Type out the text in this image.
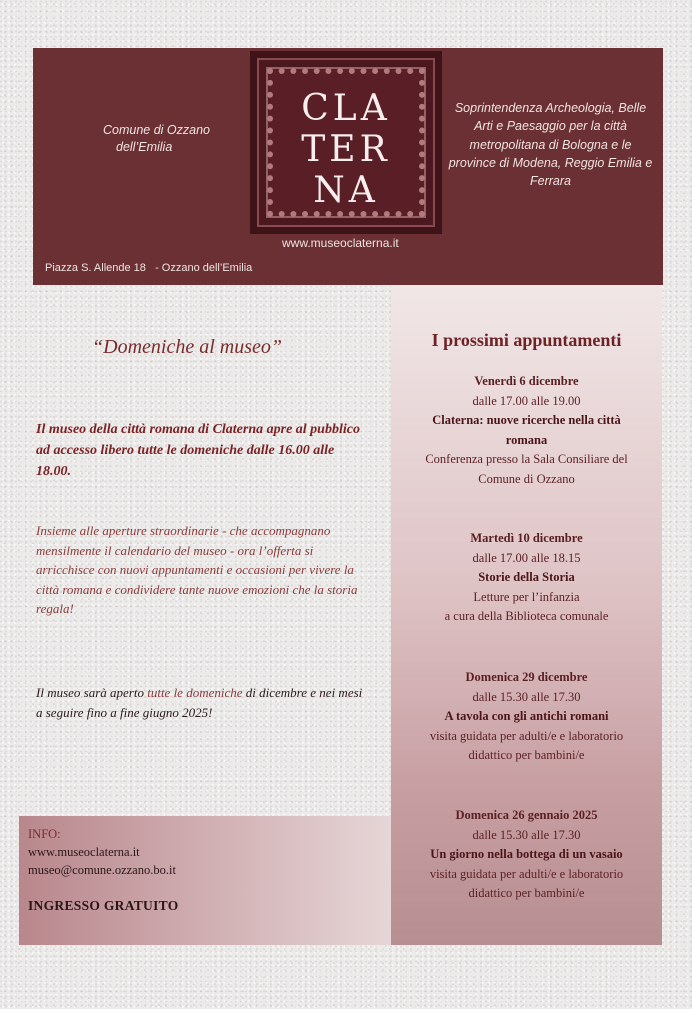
Comune di Ozzano
dell’Emilia
CLA
TER
NA
Soprintendenza Archeologia, Belle Arti e Paesaggio per la città metropolitana di Bologna e le province di Modena, Reggio Emilia e Ferrara
www.museoclaterna.it
Piazza S. Allende 18   - Ozzano dell’Emilia
“Domeniche al museo”
Il museo della città romana di Claterna apre al pubblico ad accesso libero tutte le domeniche dalle 16.00 alle 18.00.
Insieme alle aperture straordinarie - che accompagnano mensilmente il calendario del museo - ora l’offerta si arricchisce con nuovi appuntamenti e occasioni per vivere la città romana e condividere tante nuove emozioni che la storia regala!
Il museo sarà aperto tutte le domeniche di dicembre e nei mesi a seguire fino a fine giugno 2025!
I prossimi appuntamenti
Venerdì 6 dicembre
dalle 17.00 alle 19.00
Claterna: nuove ricerche nella città romana
Conferenza presso la Sala Consiliare del Comune di Ozzano
Martedì 10 dicembre
dalle 17.00 alle 18.15
Storie della Storia
Letture per l’infanzia
a cura della Biblioteca comunale
Domenica 29 dicembre
dalle 15.30 alle 17.30
A tavola con gli antichi romani
visita guidata per adulti/e e laboratorio didattico per bambini/e
Domenica 26 gennaio 2025
dalle 15.30 alle 17.30
Un giorno nella bottega di un vasaio
visita guidata per adulti/e e laboratorio didattico per bambini/e
INFO:
www.museoclaterna.it
museo@comune.ozzano.bo.it
INGRESSO GRATUITO
